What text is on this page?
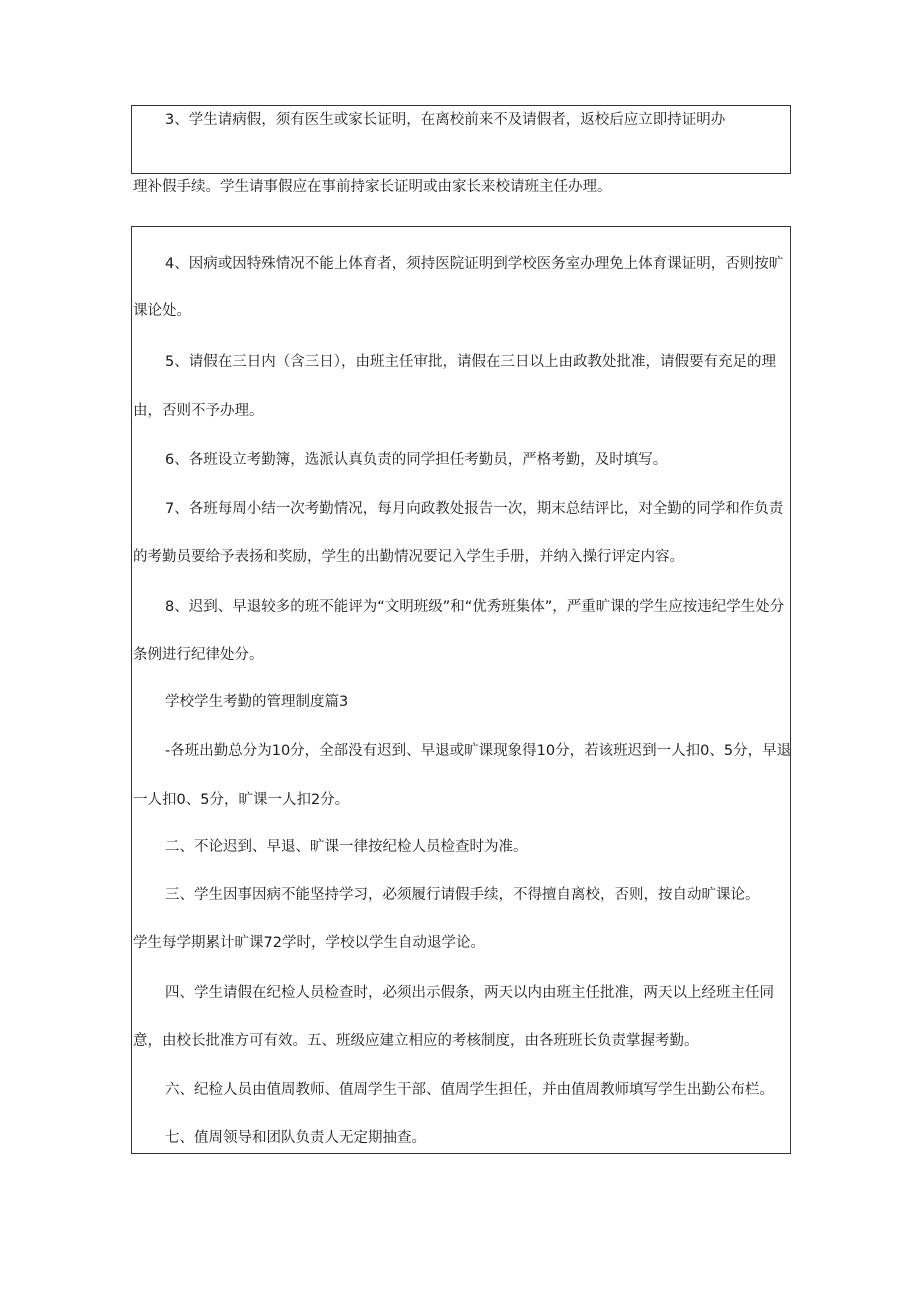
3、学生请病假，须有医生或家长证明，在离校前来不及请假者，返校后应立即持证明办
理补假手续。学生请事假应在事前持家长证明或由家长来校请班主任办理。
4、因病或因特殊情况不能上体育者，须持医院证明到学校医务室办理免上体育课证明，否则按旷
课论处。
5、请假在三日内（含三日），由班主任审批，请假在三日以上由政教处批准，请假要有充足的理
由，否则不予办理。
6、各班设立考勤簿，选派认真负责的同学担任考勤员，严格考勤，及时填写。
7、各班每周小结一次考勤情况，每月向政教处报告一次，期末总结评比，对全勤的同学和作负责
的考勤员要给予表扬和奖励，学生的出勤情况要记入学生手册，并纳入操行评定内容。
8、迟到、早退较多的班不能评为“文明班级”和“优秀班集体”，严重旷课的学生应按违纪学生处分
条例进行纪律处分。
学校学生考勤的管理制度篇3
-各班出勤总分为10分，全部没有迟到、早退或旷课现象得10分，若该班迟到一人扣0、5分，早退
一人扣0、5分，旷课一人扣2分。
二、不论迟到、早退、旷课一律按纪检人员检查时为准。
三、学生因事因病不能坚持学习，必须履行请假手续，不得擅自离校，否则，按自动旷课论。
学生每学期累计旷课72学时，学校以学生自动退学论。
四、学生请假在纪检人员检查时，必须出示假条，两天以内由班主任批准，两天以上经班主任同
意，由校长批准方可有效。五、班级应建立相应的考核制度，由各班班长负责掌握考勤。
六、纪检人员由值周教师、值周学生干部、值周学生担任，并由值周教师填写学生出勤公布栏。
七、值周领导和团队负责人无定期抽查。
